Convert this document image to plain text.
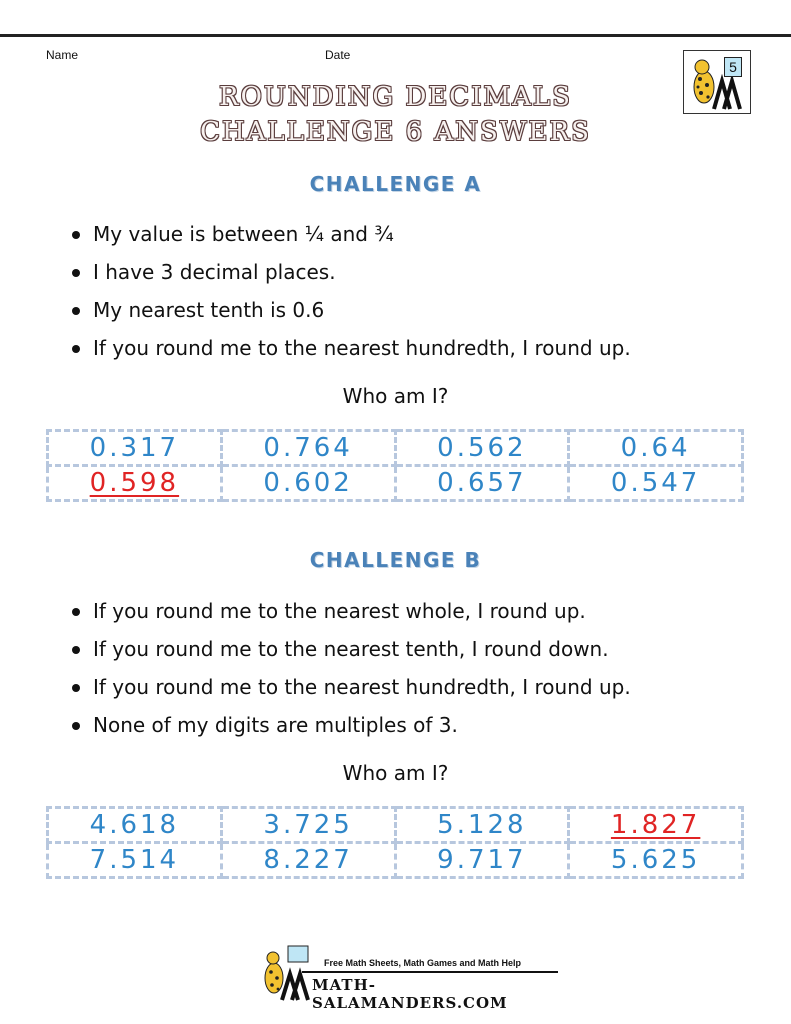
Name	Date
5
ROUNDING DECIMALS
CHALLENGE 6 ANSWERS
CHALLENGE A
My value is between ¼ and ¾
I have 3 decimal places.
My nearest tenth is 0.6
If you round me to the nearest hundredth, I round up.
Who am I?
0.317	0.764	0.562	0.64
0.598	0.602	0.657	0.547
CHALLENGE B
If you round me to the nearest whole, I round up.
If you round me to the nearest tenth, I round down.
If you round me to the nearest hundredth, I round up.
None of my digits are multiples of 3.
Who am I?
4.618	3.725	5.128	1.827
7.514	8.227	9.717	5.625
Free Math Sheets, Math Games and Math Help
MATH-SALAMANDERS.COM
